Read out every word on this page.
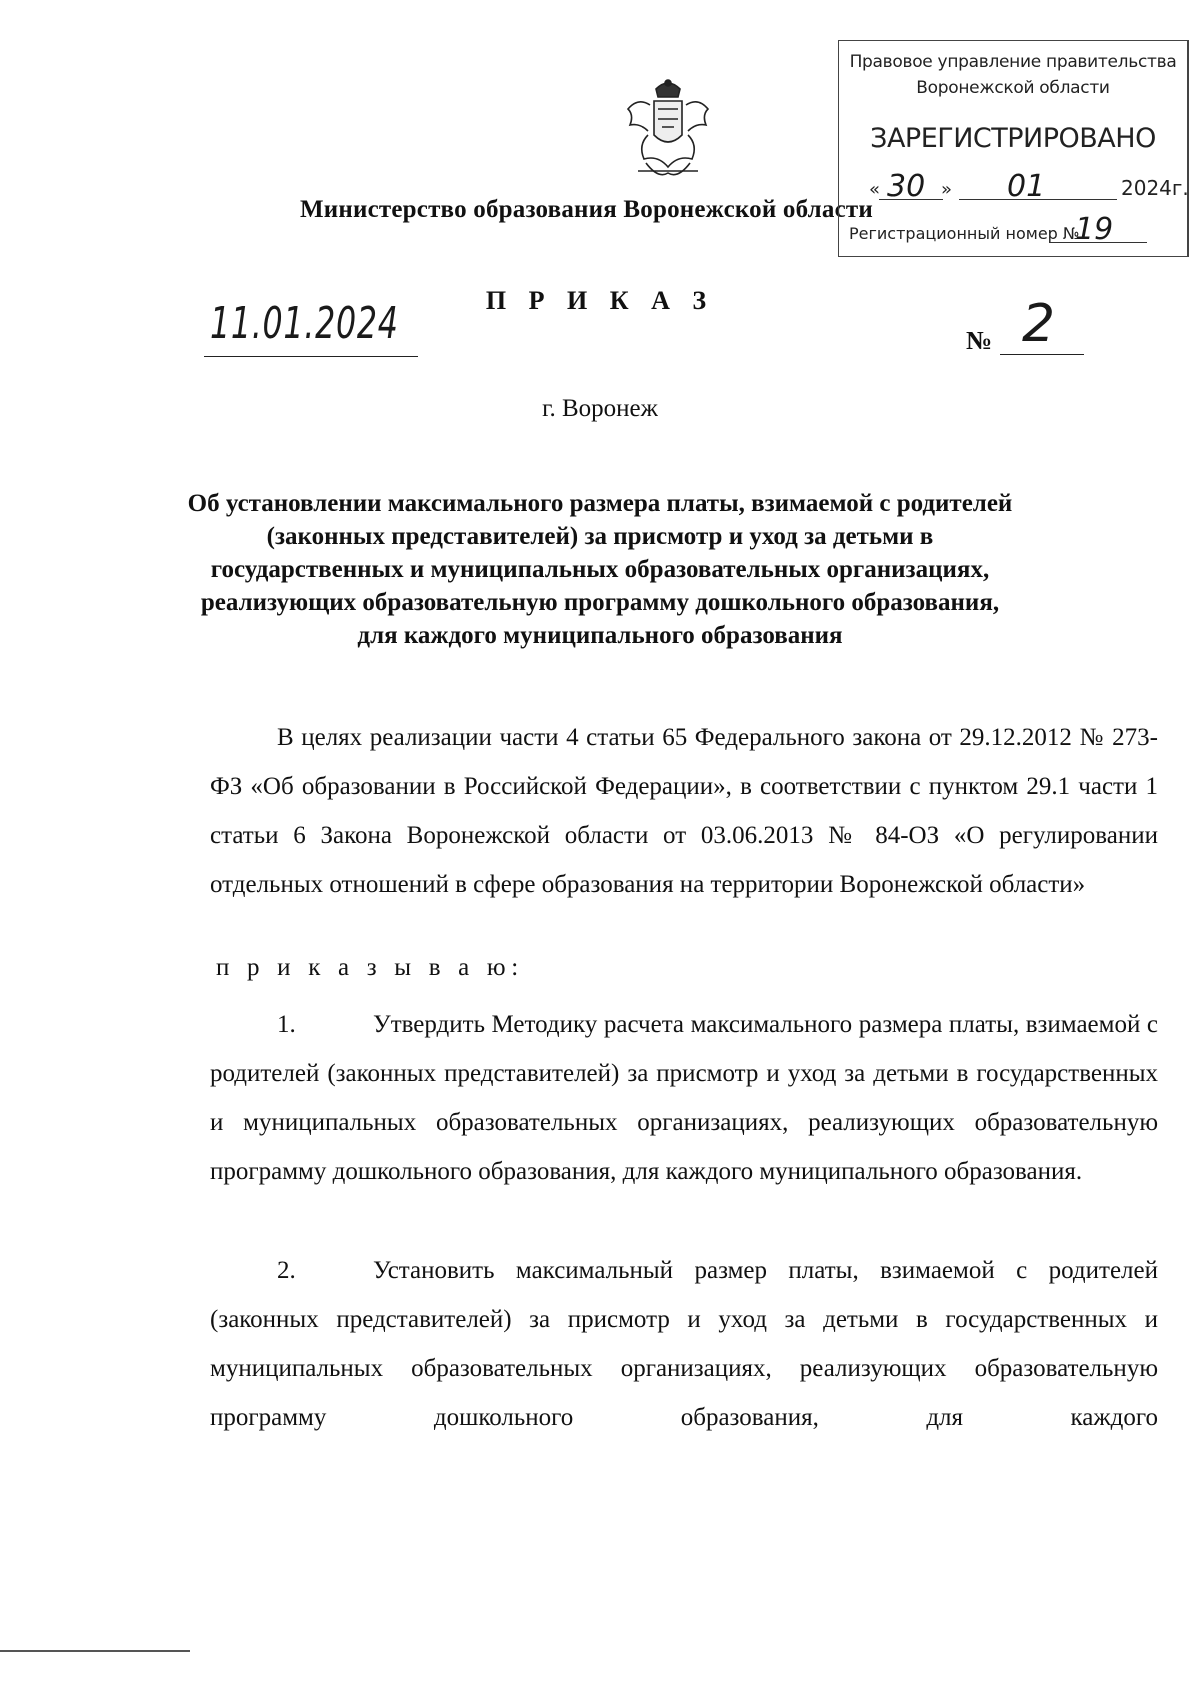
Министерство образования Воронежской области
Правовое управление правительства
Воронежской области
ЗАРЕГИСТРИРОВАНО
« 30 » 01	2024г.
Регистрационный номер №
19
П Р И К А З
11.01.2024	№ 2
г. Воронеж
Об установлении максимального размера платы, взимаемой с родителей
(законных представителей) за присмотр и уход за детьми в
государственных и муниципальных образовательных организациях,
реализующих образовательную программу дошкольного образования,
для каждого муниципального образования
В целях реализации части 4 статьи 65 Федерального закона от 29.12.2012 № 273-ФЗ «Об образовании в Российской Федерации», в соответствии с пунктом 29.1 части 1 статьи 6 Закона Воронежской области от 03.06.2013 № 84-ОЗ «О регулировании отдельных отношений в сфере образования на территории Воронежской области»
п р и к а з ы в а ю:
1.	Утвердить Методику расчета максимального размера платы, взимаемой с родителей (законных представителей) за присмотр и уход за детьми в государственных и муниципальных образовательных организациях, реализующих образовательную программу дошкольного образования, для каждого муниципального образования.
2.	Установить максимальный размер платы, взимаемой с родителей (законных представителей) за присмотр и уход за детьми в государственных и муниципальных образовательных организациях, реализующих образовательную программу дошкольного образования, для каждого
